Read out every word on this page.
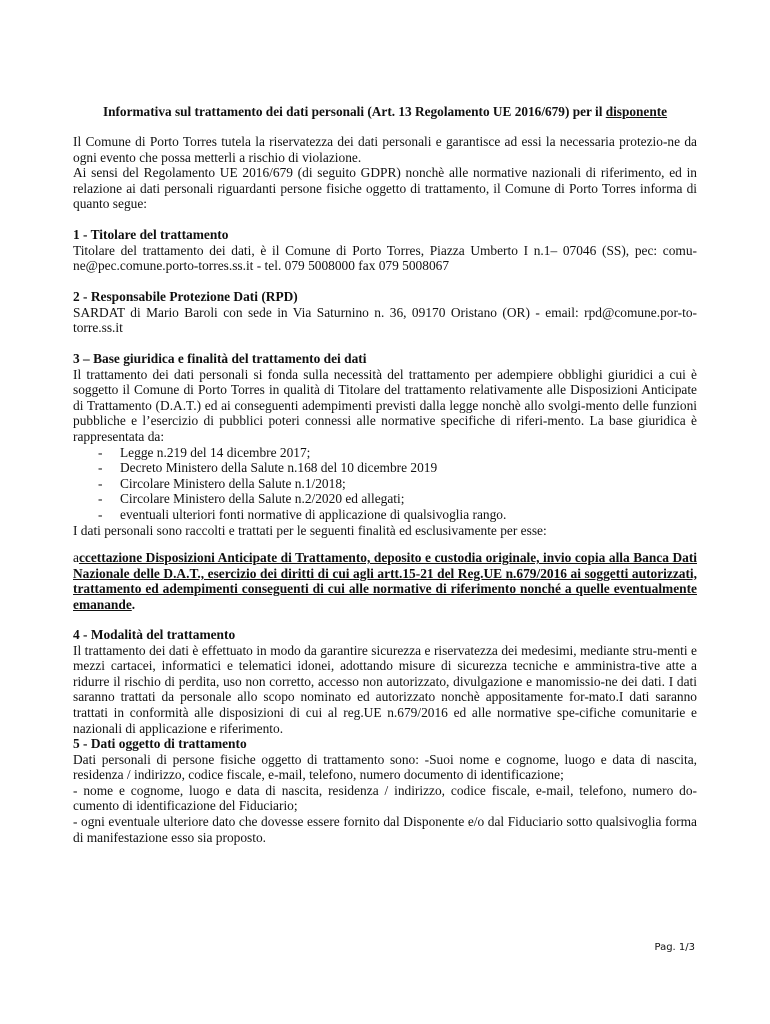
Informativa sul trattamento dei dati personali (Art. 13 Regolamento UE 2016/679) per il disponente
Il Comune di Porto Torres tutela la riservatezza dei dati personali e garantisce ad essi la necessaria protezio-ne da ogni evento che possa metterli a rischio di violazione.
Ai sensi del Regolamento UE 2016/679 (di seguito GDPR) nonchè alle normative nazionali di riferimento, ed in relazione ai dati personali riguardanti persone fisiche oggetto di trattamento, il Comune di Porto Torres informa di quanto segue:
1 - Titolare del trattamento
Titolare del trattamento dei dati, è il Comune di Porto Torres, Piazza Umberto I n.1– 07046 (SS), pec: comu-ne@pec.comune.porto-torres.ss.it - tel. 079 5008000 fax 079 5008067
2 - Responsabile Protezione Dati (RPD)
SARDAT di Mario Baroli con sede in Via Saturnino n. 36, 09170 Oristano (OR) - email: rpd@comune.por-to-torre.ss.it
3 – Base giuridica e finalità del trattamento dei dati
Il trattamento dei dati personali si fonda sulla necessità del trattamento per adempiere obblighi giuridici a cui è soggetto il Comune di Porto Torres in qualità di Titolare del trattamento relativamente alle Disposizioni Anticipate di Trattamento (D.A.T.) ed ai conseguenti adempimenti previsti dalla legge nonchè allo svolgi-mento delle funzioni pubbliche e l’esercizio di pubblici poteri connessi alle normative specifiche di riferi-mento. La base giuridica è rappresentata da:
- Legge n.219 del 14 dicembre 2017;
- Decreto Ministero della Salute n.168 del 10 dicembre 2019
- Circolare Ministero della Salute n.1/2018;
- Circolare Ministero della Salute n.2/2020 ed allegati;
- eventuali ulteriori fonti normative di applicazione di qualsivoglia rango.
I dati personali sono raccolti e trattati per le seguenti finalità ed esclusivamente per esse:
accettazione Disposizioni Anticipate di Trattamento, deposito e custodia originale, invio copia alla Banca Dati Nazionale delle D.A.T., esercizio dei diritti di cui agli artt.15-21 del Reg.UE n.679/2016 ai soggetti autorizzati, trattamento ed adempimenti conseguenti di cui alle normative di riferimento nonché a quelle eventualmente emanande.
4 - Modalità del trattamento
Il trattamento dei dati è effettuato in modo da garantire sicurezza e riservatezza dei medesimi, mediante stru-menti e mezzi cartacei, informatici e telematici idonei, adottando misure di sicurezza tecniche e amministra-tive atte a ridurre il rischio di perdita, uso non corretto, accesso non autorizzato, divulgazione e manomissio-ne dei dati. I dati saranno trattati da personale allo scopo nominato ed autorizzato nonchè appositamente for-mato.I dati saranno trattati in conformità alle disposizioni di cui al reg.UE n.679/2016 ed alle normative spe-cifiche comunitarie e nazionali di applicazione e riferimento.
5 - Dati oggetto di trattamento
Dati personali di persone fisiche oggetto di trattamento sono: -Suoi nome e cognome, luogo e data di nascita, residenza / indirizzo, codice fiscale, e-mail, telefono, numero documento di identificazione;
- nome e cognome, luogo e data di nascita, residenza / indirizzo, codice fiscale, e-mail, telefono, numero do-cumento di identificazione del Fiduciario;
- ogni eventuale ulteriore dato che dovesse essere fornito dal Disponente e/o dal Fiduciario sotto qualsivoglia forma di manifestazione esso sia proposto.
Pag. 1/3
